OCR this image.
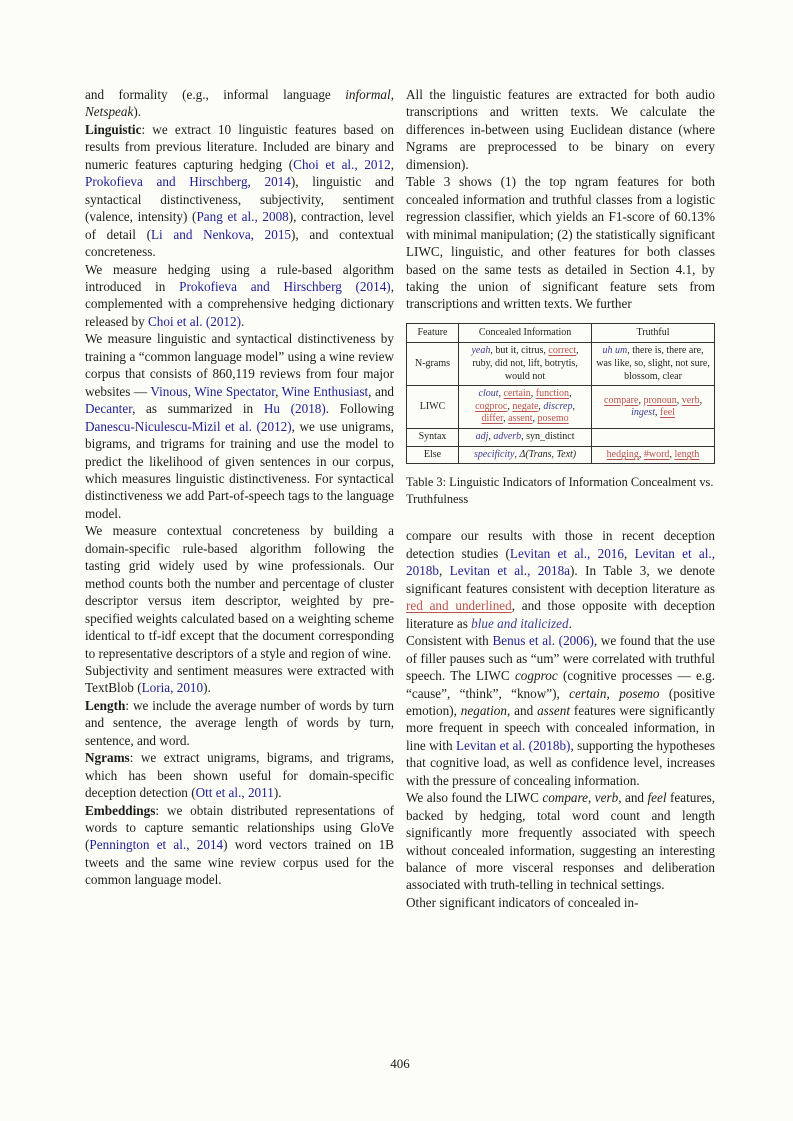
and formality (e.g., informal language informal, Netspeak).

Linguistic: we extract 10 linguistic features based on results from previous literature. Included are binary and numeric features capturing hedging (Choi et al., 2012, Prokofieva and Hirschberg, 2014), linguistic and syntactical distinctiveness, subjectivity, sentiment (valence, intensity) (Pang et al., 2008), contraction, level of detail (Li and Nenkova, 2015), and contextual concreteness.

We measure hedging using a rule-based algorithm introduced in Prokofieva and Hirschberg (2014), complemented with a comprehensive hedging dictionary released by Choi et al. (2012).

We measure linguistic and syntactical distinctiveness by training a “common language model” using a wine review corpus that consists of 860,119 reviews from four major websites — Vinous, Wine Spectator, Wine Enthusiast, and Decanter, as summarized in Hu (2018). Following Danescu-Niculescu-Mizil et al. (2012), we use unigrams, bigrams, and trigrams for training and use the model to predict the likelihood of given sentences in our corpus, which measures linguistic distinctiveness. For syntactical distinctiveness we add Part-of-speech tags to the language model.

We measure contextual concreteness by building a domain-specific rule-based algorithm following the tasting grid widely used by wine professionals. Our method counts both the number and percentage of cluster descriptor versus item descriptor, weighted by pre-specified weights calculated based on a weighting scheme identical to tf-idf except that the document corresponding to representative descriptors of a style and region of wine.

Subjectivity and sentiment measures were extracted with TextBlob (Loria, 2010).

Length: we include the average number of words by turn and sentence, the average length of words by turn, sentence, and word.

Ngrams: we extract unigrams, bigrams, and trigrams, which has been shown useful for domain-specific deception detection (Ott et al., 2011).

Embeddings: we obtain distributed representations of words to capture semantic relationships using GloVe (Pennington et al., 2014) word vectors trained on 1B tweets and the same wine review corpus used for the common language model.

All the linguistic features are extracted for both audio transcriptions and written texts. We calculate the differences in-between using Euclidean distance (where Ngrams are preprocessed to be binary on every dimension).

Table 3 shows (1) the top ngram features for both concealed information and truthful classes from a logistic regression classifier, which yields an F1-score of 60.13% with minimal manipulation; (2) the statistically significant LIWC, linguistic, and other features for both classes based on the same tests as detailed in Section 4.1, by taking the union of significant feature sets from transcriptions and written texts. We further

Feature	Concealed Information	Truthful
N-grams	yeah, but it, citrus, correct, ruby, did not, lift, botrytis, would not	uh um, there is, there are, was like, so, slight, not sure, blossom, clear
LIWC	clout, certain, function, cogproc, negate, discrep, differ, assent, posemo	compare, pronoun, verb, ingest, feel
Syntax	adj, adverb, syn_distinct	
Else	specificity, Δ(Trans, Text)	hedging, #word, length
Table 3: Linguistic Indicators of Information Concealment vs. Truthfulness

compare our results with those in recent deception detection studies (Levitan et al., 2016, Levitan et al., 2018b, Levitan et al., 2018a). In Table 3, we denote significant features consistent with deception literature as red and underlined, and those opposite with deception literature as blue and italicized.

Consistent with Benus et al. (2006), we found that the use of filler pauses such as “um” were correlated with truthful speech. The LIWC cogproc (cognitive processes — e.g. “cause”, “think”, “know”), certain, posemo (positive emotion), negation, and assent features were significantly more frequent in speech with concealed information, in line with Levitan et al. (2018b), supporting the hypotheses that cognitive load, as well as confidence level, increases with the pressure of concealing information.

We also found the LIWC compare, verb, and feel features, backed by hedging, total word count and length significantly more frequently associated with speech without concealed information, suggesting an interesting balance of more visceral responses and deliberation associated with truth-telling in technical settings.

Other significant indicators of concealed in-

406
